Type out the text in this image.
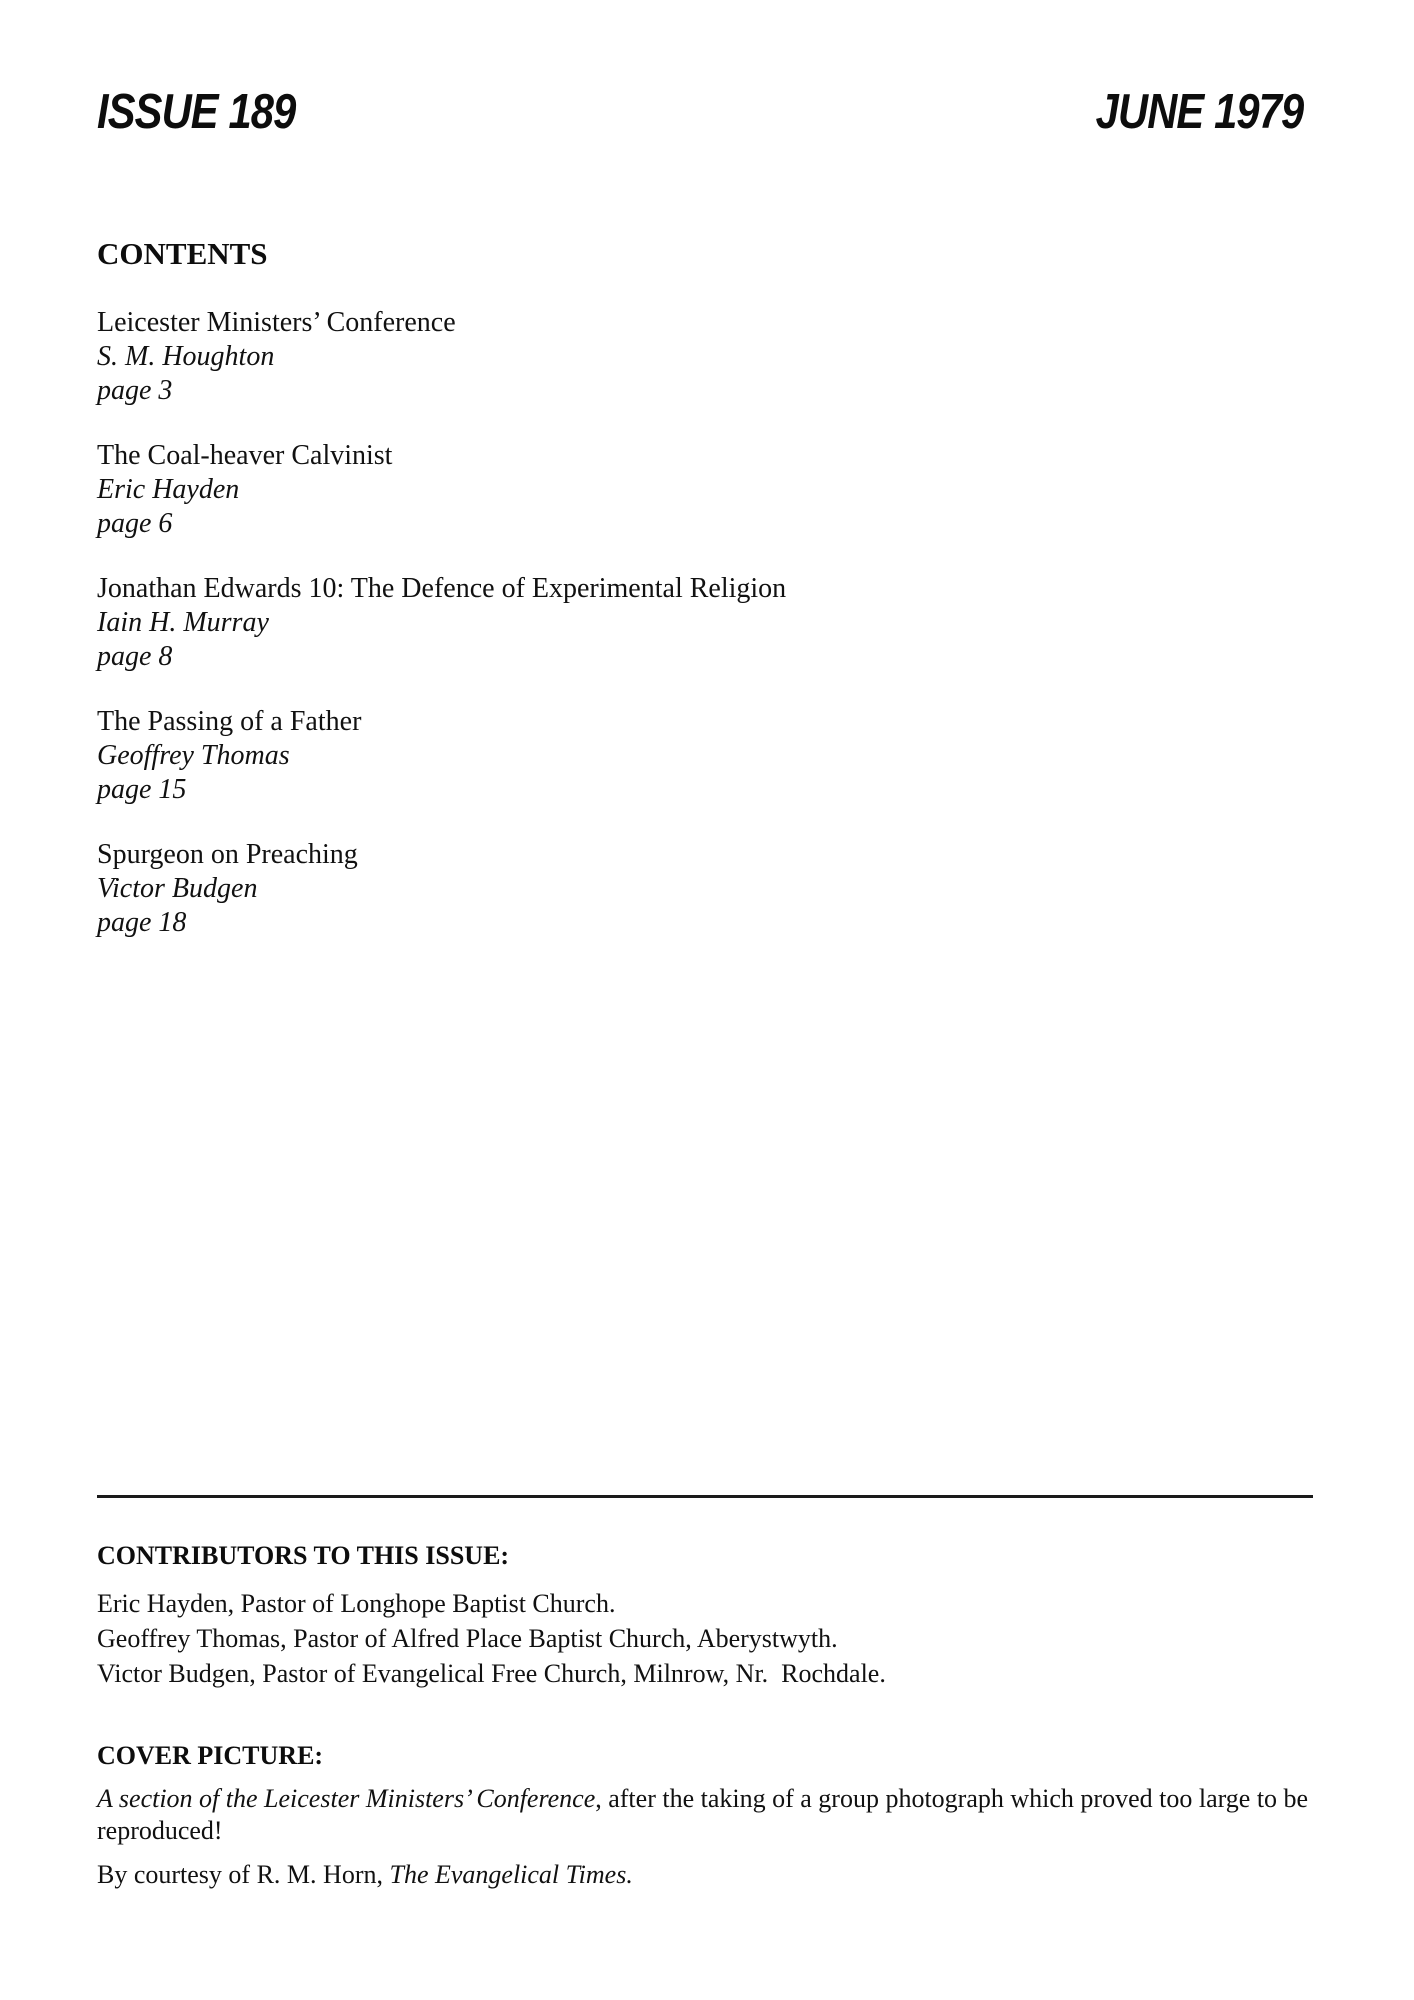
ISSUE 189	JUNE 1979
CONTENTS
Leicester Ministers’ Conference
S. M. Houghton
page 3
The Coal-heaver Calvinist
Eric Hayden
page 6
Jonathan Edwards 10: The Defence of Experimental Religion
Iain H. Murray
page 8
The Passing of a Father
Geoffrey Thomas
page 15
Spurgeon on Preaching
Victor Budgen
page 18
CONTRIBUTORS TO THIS ISSUE:
Eric Hayden, Pastor of Longhope Baptist Church.
Geoffrey Thomas, Pastor of Alfred Place Baptist Church, Aberystwyth.
Victor Budgen, Pastor of Evangelical Free Church, Milnrow, Nr.  Rochdale.
COVER PICTURE:
A section of the Leicester Ministers’ Conference, after the taking of a group photograph which proved too large to be
reproduced!
By courtesy of R. M. Horn, The Evangelical Times.
